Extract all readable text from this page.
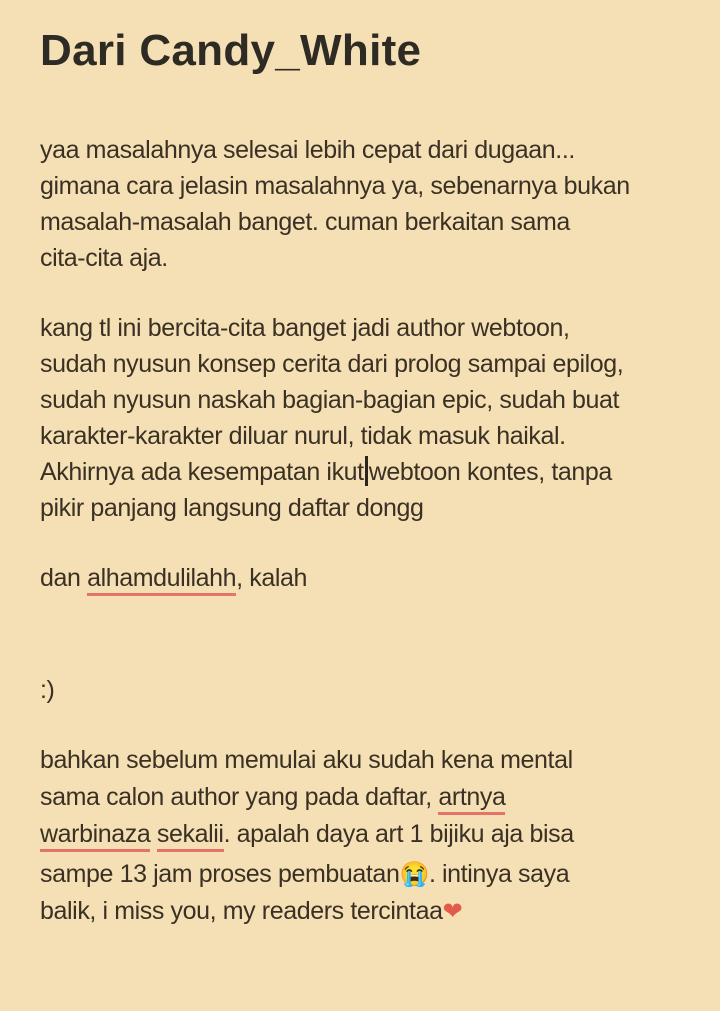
Dari Candy_White
yaa masalahnya selesai lebih cepat dari dugaan...
gimana cara jelasin masalahnya ya, sebenarnya bukan
masalah-masalah banget. cuman berkaitan sama
cita-cita aja.
kang tl ini bercita-cita banget jadi author webtoon,
sudah nyusun konsep cerita dari prolog sampai epilog,
sudah nyusun naskah bagian-bagian epic, sudah buat
karakter-karakter diluar nurul, tidak masuk haikal.
Akhirnya ada kesempatan ikut webtoon kontes, tanpa
pikir panjang langsung daftar dongg
dan alhamdulilahh, kalah
:)
bahkan sebelum memulai aku sudah kena mental
sama calon author yang pada daftar, artnya
warbinaza sekalii. apalah daya art 1 bijiku aja bisa
sampe 13 jam proses pembuatan😭. intinya saya
balik, i miss you, my readers tercintaa❤
